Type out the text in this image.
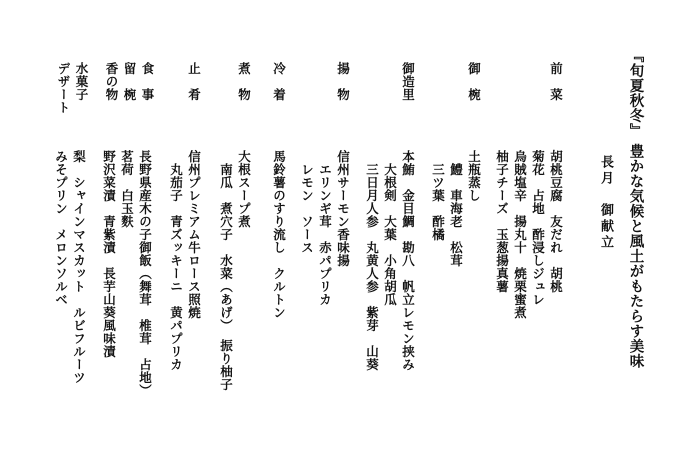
『旬夏秋冬』 豊かな気候と風土がもたらす美味
長月　御献立
前　菜
胡桃豆腐　友だれ　胡桃
菊花　占地　酢浸しジュレ
烏賊塩辛　揚丸十　焼栗蜜煮
柚子チーズ　玉葱揚真薯
御　椀
土瓶蒸し
　鱧　車海老　松茸
　三ツ葉　酢橘
御造里
本鮪　金目鯛　勘八　帆立レモン挟み
　大根剣　大葉　小角胡瓜
　三日月人参　丸黄人参　紫芽　山葵
揚　物
信州サーモン香味揚
　エリンギ茸　赤パプリカ
　レモン　ソース
冷　着
馬鈴薯のすり流し　クルトン
煮　物
大根スープ煮
　南瓜　煮穴子　水菜（あげ）　振り柚子
止　肴
信州プレミアム牛ロース照焼
　丸茄子　青ズッキーニ　黄パプリカ
食　事
留　椀
香の物
長野県産木の子御飯（舞茸　椎茸　占地）
茗荷　白玉麩
野沢菜漬　青紫漬　長芋山葵風味漬
水菓子
デザート
梨　シャインマスカット　ルビフルーツ
みそプリン　メロンソルベ
